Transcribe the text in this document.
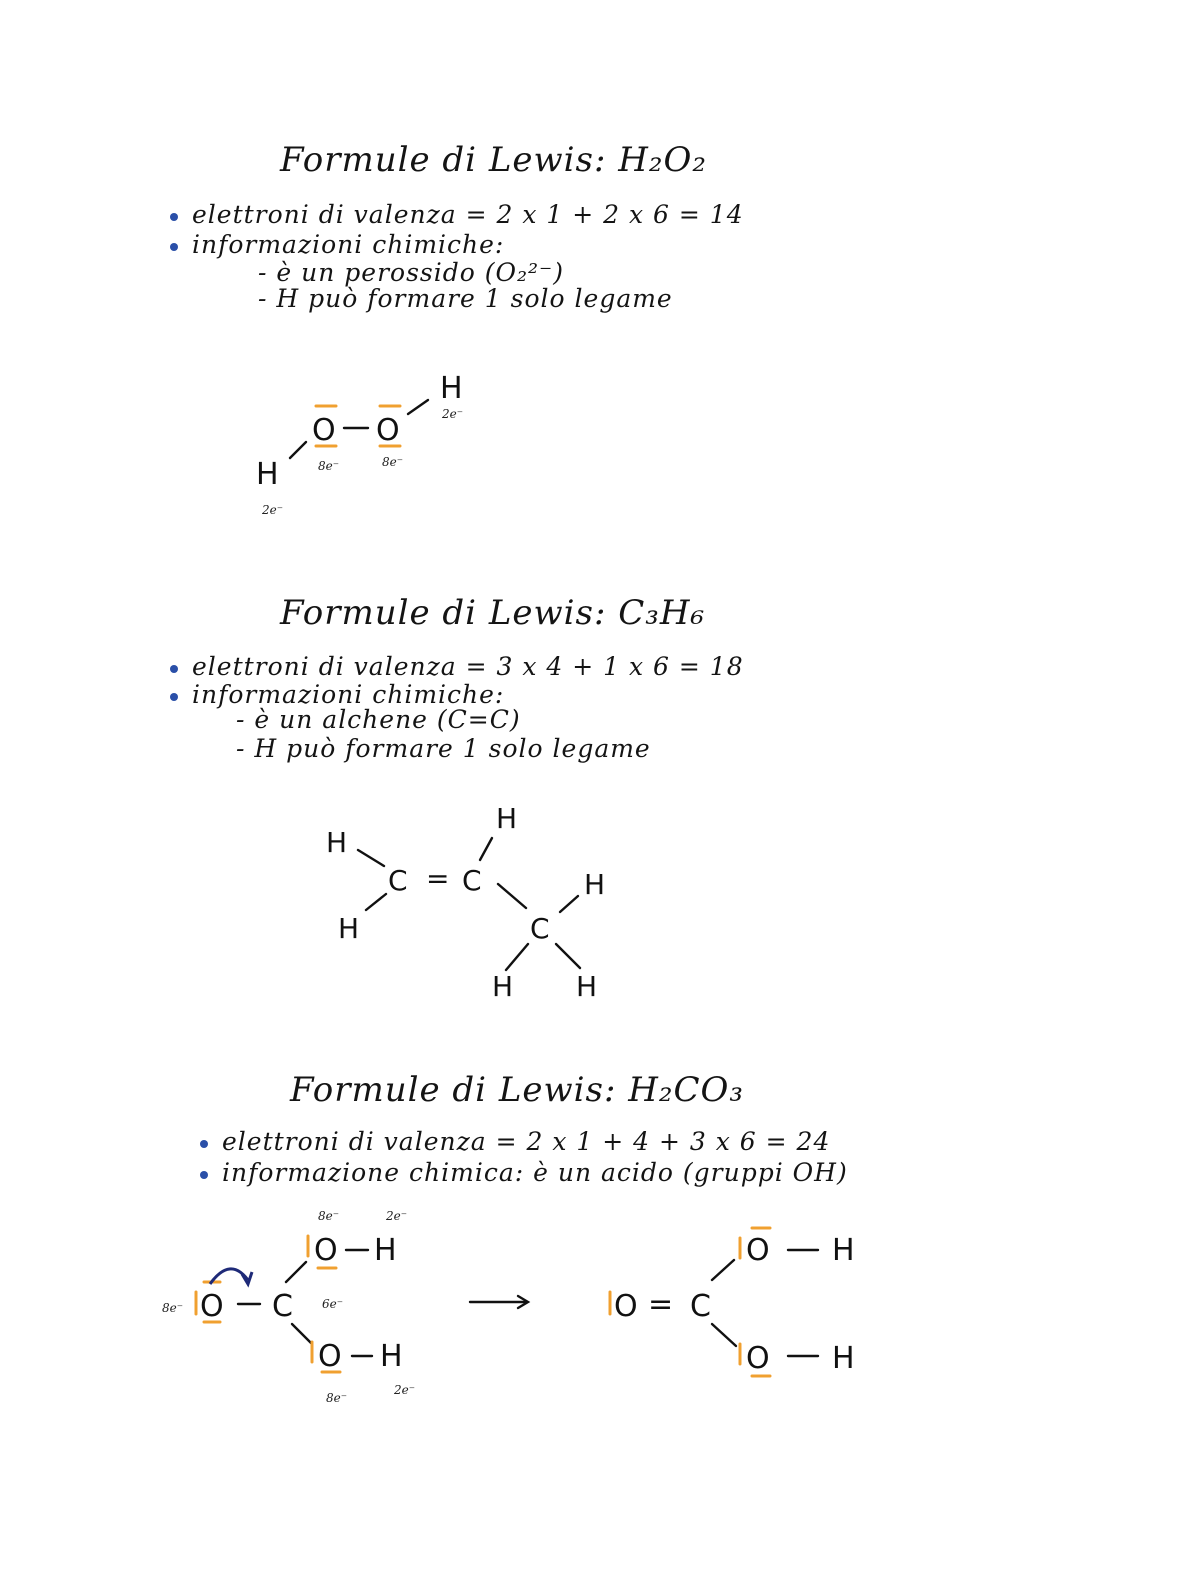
Formule di Lewis: H₂O₂
elettroni di valenza = 2 x 1 + 2 x 6 = 14
informazioni chimiche:
- è un perossido (O₂²⁻)
- H può formare 1 solo legame
Formule di Lewis: C₃H₆
elettroni di valenza = 3 x 4 + 1 x 6 = 18
informazioni chimiche:
- è un alchene (C=C)
- H può formare 1 solo legame
Formule di Lewis: H₂CO₃
elettroni di valenza = 2 x 1 + 4 + 3 x 6 = 24
informazione chimica: è un acido (gruppi OH)
H
O O
H
2e⁻
8e⁻	8e⁻
2e⁻
H
H
C = C
H
C
H
H H
O
H
O
C
O H
8e⁻
2e⁻
8e⁻
6e⁻
8e⁻
2e⁻
O H
O = C
O H
